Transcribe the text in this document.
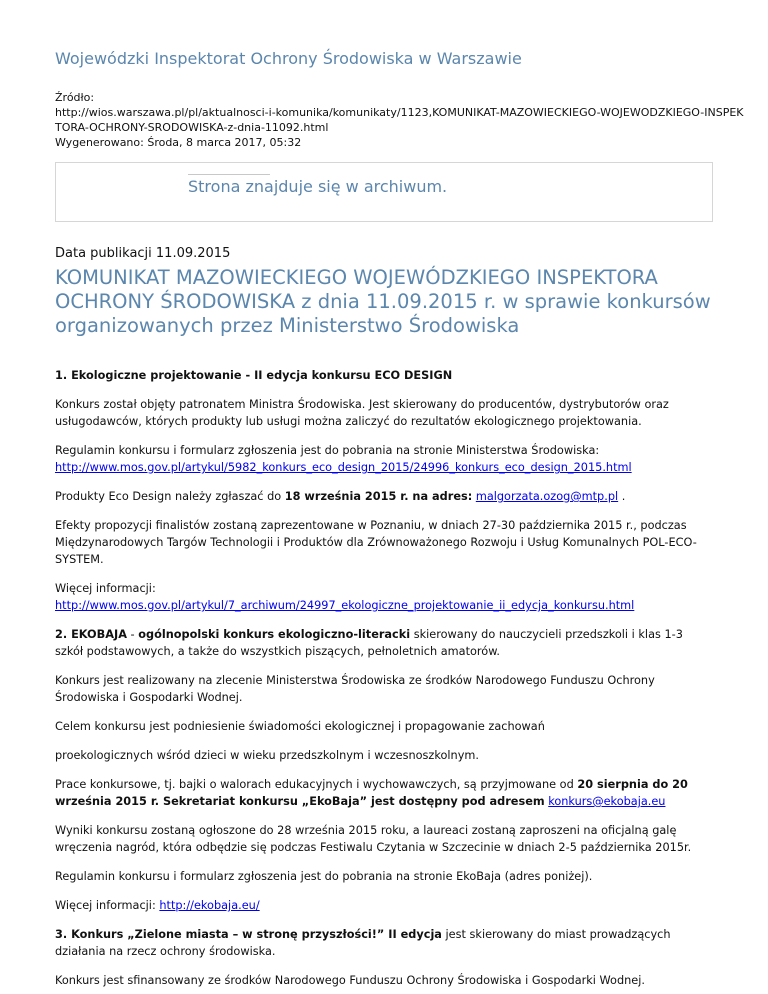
Wojewódzki Inspektorat Ochrony Środowiska w Warszawie
Źródło:
http://wios.warszawa.pl/pl/aktualnosci-i-komunika/komunikaty/1123,KOMUNIKAT-MAZOWIECKIEGO-WOJEWODZKIEGO-INSPEK
TORA-OCHRONY-SRODOWISKA-z-dnia-11092.html
Wygenerowano: Środa, 8 marca 2017, 05:32
Strona znajduje się w archiwum.
Data publikacji 11.09.2015
KOMUNIKAT MAZOWIECKIEGO WOJEWÓDZKIEGO INSPEKTORA OCHRONY ŚRODOWISKA z dnia 11.09.2015 r. w sprawie konkursów organizowanych przez Ministerstwo Środowiska

1. Ekologiczne projektowanie - II edycja konkursu ECO DESIGN

Konkurs został objęty patronatem Ministra Środowiska. Jest skierowany do producentów, dystrybutorów oraz usługodawców, których produkty lub usługi można zaliczyć do rezultatów ekologicznego projektowania.

Regulamin konkursu i formularz zgłoszenia jest do pobrania na stronie Ministerstwa Środowiska:
http://www.mos.gov.pl/artykul/5982_konkurs_eco_design_2015/24996_konkurs_eco_design_2015.html

Produkty Eco Design należy zgłaszać do 18 września 2015 r. na adres: malgorzata.ozog@mtp.pl .

Efekty propozycji finalistów zostaną zaprezentowane w Poznaniu, w dniach 27-30 października 2015 r., podczas Międzynarodowych Targów Technologii i Produktów dla Zrównoważonego Rozwoju i Usług Komunalnych POL-ECO-SYSTEM.

Więcej informacji:
http://www.mos.gov.pl/artykul/7_archiwum/24997_ekologiczne_projektowanie_ii_edycja_konkursu.html

2. EKOBAJA - ogólnopolski konkurs ekologiczno-literacki skierowany do nauczycieli przedszkoli i klas 1-3 szkół podstawowych, a także do wszystkich piszących, pełnoletnich amatorów.

Konkurs jest realizowany na zlecenie Ministerstwa Środowiska ze środków Narodowego Funduszu Ochrony Środowiska i Gospodarki Wodnej.

Celem konkursu jest podniesienie świadomości ekologicznej i propagowanie zachowań

proekologicznych wśród dzieci w wieku przedszkolnym i wczesnoszkolnym.

Prace konkursowe, tj. bajki o walorach edukacyjnych i wychowawczych, są przyjmowane od 20 sierpnia do 20 września 2015 r. Sekretariat konkursu „EkoBaja” jest dostępny pod adresem konkurs@ekobaja.eu

Wyniki konkursu zostaną ogłoszone do 28 września 2015 roku, a laureaci zostaną zaproszeni na oficjalną galę wręczenia nagród, która odbędzie się podczas Festiwalu Czytania w Szczecinie w dniach 2-5 października 2015r.

Regulamin konkursu i formularz zgłoszenia jest do pobrania na stronie EkoBaja (adres poniżej).

Więcej informacji: http://ekobaja.eu/

3. Konkurs „Zielone miasta – w stronę przyszłości!” II edycja jest skierowany do miast prowadzących działania na rzecz ochrony środowiska.

Konkurs jest sfinansowany ze środków Narodowego Funduszu Ochrony Środowiska i Gospodarki Wodnej.
